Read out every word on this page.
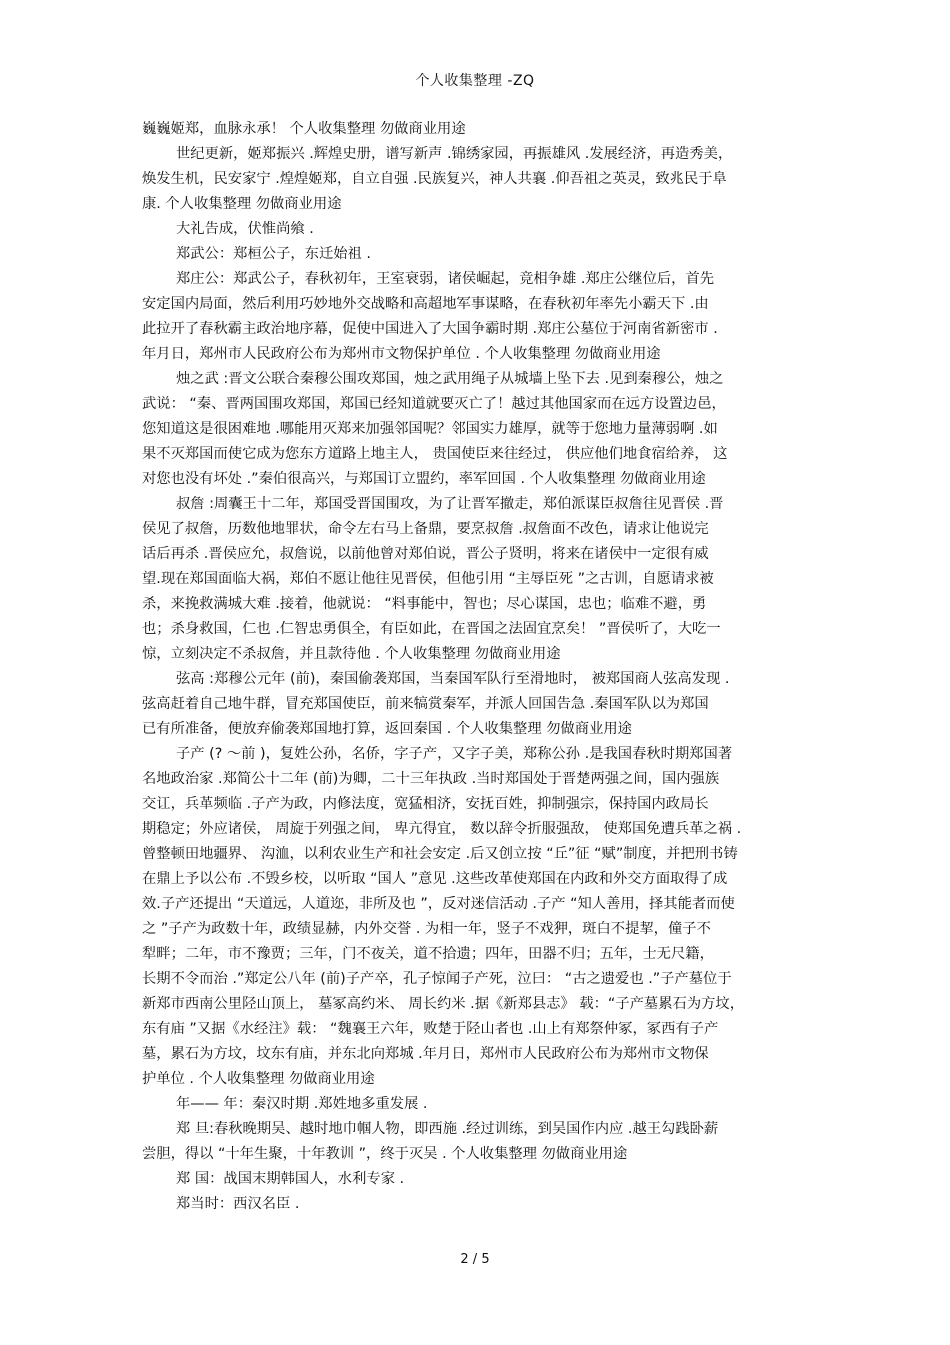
个人收集整理 -ZQ
巍巍姬郑，血脉永承！ 个人收集整理 勿做商业用途
世纪更新，姬郑振兴 .辉煌史册，谱写新声 .锦绣家园，再振雄风 .发展经济，再造秀美，
焕发生机，民安家宁 .煌煌姬郑，自立自强 .民族复兴，神人共襄 .仰吾祖之英灵，致兆民于阜
康. 个人收集整理 勿做商业用途
大礼告成，伏惟尚飨 .
郑武公：郑桓公子，东迁始祖 .
郑庄公：郑武公子，春秋初年，王室衰弱，诸侯崛起，竞相争雄 .郑庄公继位后，首先
安定国内局面，然后利用巧妙地外交战略和高超地军事谋略，在春秋初年率先小霸天下 .由
此拉开了春秋霸主政治地序幕，促使中国进入了大国争霸时期 .郑庄公墓位于河南省新密市 .
年月日，郑州市人民政府公布为郑州市文物保护单位 . 个人收集整理 勿做商业用途
烛之武 :晋文公联合秦穆公围攻郑国，烛之武用绳子从城墙上坠下去 .见到秦穆公，烛之
武说： “秦、晋两国围攻郑国，郑国已经知道就要灭亡了！越过其他国家而在远方设置边邑，
您知道这是很困难地 .哪能用灭郑来加强邻国呢？邻国实力雄厚，就等于您地力量薄弱啊 .如
果不灭郑国而使它成为您东方道路上地主人， 贵国使臣来往经过， 供应他们地食宿给养， 这
对您也没有坏处 .”秦伯很高兴，与郑国订立盟约，率军回国 . 个人收集整理 勿做商业用途
叔詹 :周囊王十二年，郑国受晋国围攻，为了让晋军撤走，郑伯派谋臣叔詹往见晋侯 .晋
侯见了叔詹，历数他地罪状，命令左右马上备鼎，要烹叔詹 .叔詹面不改色，请求让他说完
话后再杀 .晋侯应允，叔詹说，以前他曾对郑伯说，晋公子贤明，将来在诸侯中一定很有威
望.现在郑国面临大祸，郑伯不愿让他往见晋侯，但他引用 “主辱臣死 ”之古训，自愿请求被
杀，来挽救满城大难 .接着，他就说： “料事能中，智也；尽心谋国，忠也；临难不避，勇
也；杀身救国，仁也 .仁智忠勇俱全，有臣如此，在晋国之法固宜烹矣！ ”晋侯听了，大吃一
惊，立刻决定不杀叔詹，并且款待他 . 个人收集整理 勿做商业用途
弦高 :郑穆公元年 (前)，秦国偷袭郑国，当秦国军队行至滑地时， 被郑国商人弦高发现 .
弦高赶着自己地牛群，冒充郑国使臣，前来犒赏秦军，并派人回国告急 .秦国军队以为郑国
已有所准备，便放弃偷袭郑国地打算，返回秦国 . 个人收集整理 勿做商业用途
子产 (? ～前 )，复姓公孙，名侨，字子产，又字子美，郑称公孙 .是我国春秋时期郑国著
名地政治家 .郑简公十二年 (前)为卿，二十三年执政 .当时郑国处于晋楚两强之间，国内强族
交讧，兵革频临 .子产为政，内修法度，宽猛相济，安抚百姓，抑制强宗，保持国内政局长
期稳定；外应诸侯， 周旋于列强之间， 卑亢得宜， 数以辞令折服强敌， 使郑国免遭兵革之祸 .
曾整顿田地疆界、 沟洫，以利农业生产和社会安定 .后又创立按 “丘”征 “赋”制度，并把刑书铸
在鼎上予以公布 .不毁乡校，以听取 “国人 ”意见 .这些改革使郑国在内政和外交方面取得了成
效.子产还提出 “天道远，人道迩，非所及也 ”，反对迷信活动 .子产 “知人善用，择其能者而使
之 ”子产为政数十年，政绩显赫，内外交誉 . 为相一年，竖子不戏狎，斑白不提挈，僮子不
犁畔；二年，市不豫贾；三年，门不夜关，道不拾遗；四年，田器不归；五年，士无尺籍，
长期不令而治 .”郑定公八年 (前)子产卒，孔子惊闻子产死，泣曰： “古之遗爱也 .”子产墓位于
新郑市西南公里陉山顶上， 墓冢高约米、 周长约米 .据《新郑县志》 载：“子产墓累石为方坟，
东有庙 ”又据《水经注》载： “魏襄王六年，败楚于陉山者也 .山上有郑祭仲冢，冢西有子产
墓，累石为方坟，坟东有庙，并东北向郑城 .年月日，郑州市人民政府公布为郑州市文物保
护单位 . 个人收集整理 勿做商业用途
年—— 年：秦汉时期 .郑姓地多重发展 .
郑 旦:春秋晚期吴、越时地巾帼人物，即西施 .经过训练，到吴国作内应 .越王勾践卧薪
尝胆，得以 “十年生聚，十年教训 ”，终于灭吴 . 个人收集整理 勿做商业用途
郑 国：战国末期韩国人，水利专家 .
郑当时：西汉名臣 .
2 / 5
